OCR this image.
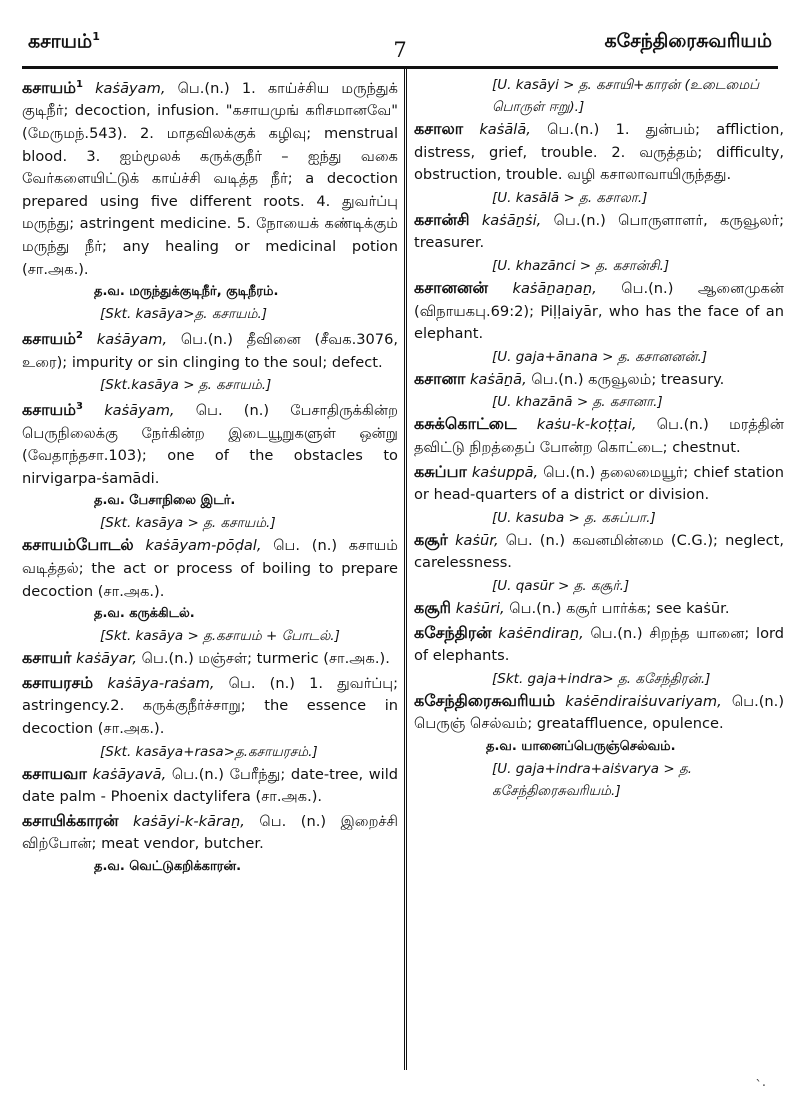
கசாயம்$^1$
7	கசேந்திரைசுவரியம்
கசாயம்$^1$ kaṡāyam, பெ.(n.) 1. காய்ச்சிய மருந்துக் குடிநீர்; decoction, infusion. "கசாயமுங் கரிசமானவே" (மேருமந்.543). 2. மாதவிலக்குக் கழிவு; menstrual blood. 3. ஐம்மூலக் கருக்குநீர் – ஐந்து வகை வேர்களையிட்டுக் காய்ச்சி வடித்த நீர்; a decoction prepared using five different roots. 4. துவர்ப்பு மருந்து; astringent medicine. 5. நோயைக் கண்டிக்கும் மருந்து நீர்; any healing or medicinal potion (சா.அக.).
த.வ. மருந்துக்குடிநீர், குடிநீரம்.
[Skt. kasāya>த. கசாயம்.]
கசாயம்$^2$ kaṡāyam, பெ.(n.) தீவினை (சீவக.3076, உரை); impurity or sin clinging to the soul; defect.
[Skt.kasāya > த. கசாயம்.]
கசாயம்$^3$ kaṡāyam, பெ. (n.) பேசாதிருக்கின்ற பெருநிலைக்கு நேர்கின்ற இடையூறுகளுள் ஒன்று (வேதாந்தசா.103); one of the obstacles to nirvigarpa-ṡamādi.
த.வ. பேசாநிலை இடர்.
[Skt. kasāya > த. கசாயம்.]
கசாயம்போடல் kaṡāyam-pōḍal, பெ. (n.) கசாயம் வடித்தல்; the act or process of boiling to prepare decoction (சா.அக.).
த.வ. கருக்கிடல்.
[Skt. kasāya > த.கசாயம் + போடல்.]
கசாயர் kaṡāyar, பெ.(n.) மஞ்சள்; turmeric (சா.அக.).
கசாயரசம் kaṡāya-raṡam, பெ. (n.) 1. துவர்ப்பு; astringency.2. கருக்குநீர்ச்சாறு; the essence in decoction (சா.அக.).
[Skt. kasāya+rasa>த.கசாயரசம்.]
கசாயவா kaṡāyavā, பெ.(n.) பேரீந்து; date-tree, wild date palm - Phoenix dactylifera (சா.அக.).
கசாயிக்காரன் kaṡāyi-k-kāraṉ, பெ. (n.) இறைச்சி விற்போன்; meat vendor, butcher.
த.வ. வெட்டுகறிக்காரன்.
[U. kasāyi > த. கசாயி+காரன் (உடைமைப் பொருள் ஈறு).]
கசாலா kaṡālā, பெ.(n.) 1. துன்பம்; affliction, distress, grief, trouble. 2. வருத்தம்; difficulty, obstruction, trouble. வழி கசாலாவாயிருந்தது.
[U. kasālā > த. கசாலா.]
கசான்சி kaṡāṉṡi, பெ.(n.) பொருளாளர், கருவூலர்; treasurer.
[U. khazānci > த. கசான்சி.]
கசானனன் kaṡāṉaṉaṉ, பெ.(n.) ஆனைமுகன் (விநாயகபு.69:2); Piḷḷaiyār, who has the face of an elephant.
[U. gaja+ānana > த. கசானனன்.]
கசானா kaṡāṉā, பெ.(n.) கருவூலம்; treasury.
[U. khazānā > த. கசானா.]
கசுக்கொட்டை kaṡu-k-koṭṭai, பெ.(n.) மரத்தின் தவிட்டு நிறத்தைப் போன்ற கொட்டை; chestnut.
கசுப்பா kaṡuppā, பெ.(n.) தலைமையூர்; chief station or head-quarters of a district or division.
[U. kasuba > த. கசுப்பா.]
கசூர் kaṡūr, பெ. (n.) கவனமின்மை (C.G.); neglect, carelessness.
[U. qasūr > த. கசூர்.]
கசூரி kaṡūri, பெ.(n.) கசூர் பார்க்க; see kaṡūr.
கசேந்திரன் kaṡēndiraṉ, பெ.(n.) சிறந்த யானை; lord of elephants.
[Skt. gaja+indra> த. கசேந்திரன்.]
கசேந்திரைசுவரியம் kaṡēndiraiṡuvariyam, பெ.(n.) பெருஞ் செல்வம்; greataffluence, opulence.
த.வ. யானைப்பெருஞ்செல்வம்.
[U. gaja+indra+aiṡvarya > த. கசேந்திரைசுவரியம்.]
`·
